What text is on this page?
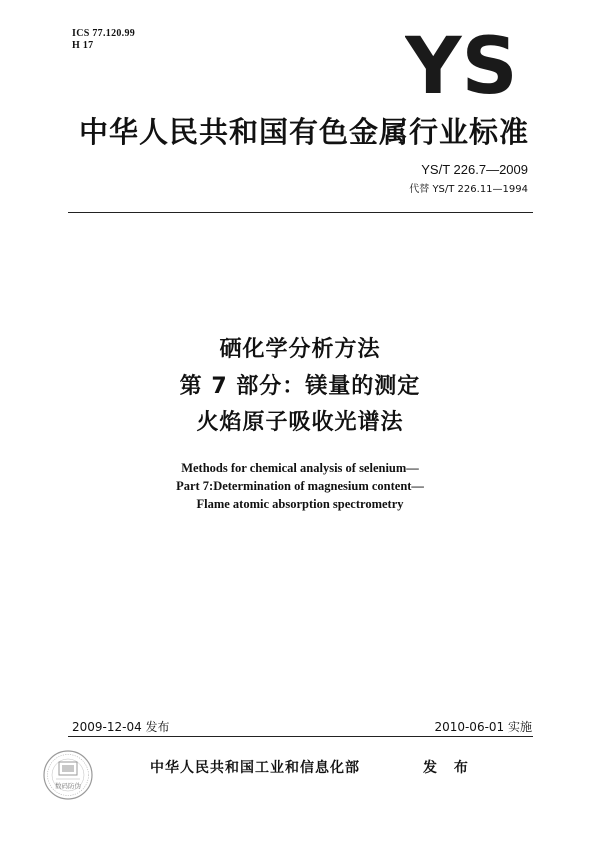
ICS 77.120.99
H 17	YS
中华人民共和国有色金属行业标准
YS/T 226.7—2009
代替 YS/T 226.11—1994
硒化学分析方法
第 7 部分：镁量的测定
火焰原子吸收光谱法
Methods for chemical analysis of selenium—
Part 7:Determination of magnesium content—
Flame atomic absorption spectrometry
2009-12-04 发布	2010-06-01 实施
数码防伪
中华人民共和国工业和信息化部	发 布
